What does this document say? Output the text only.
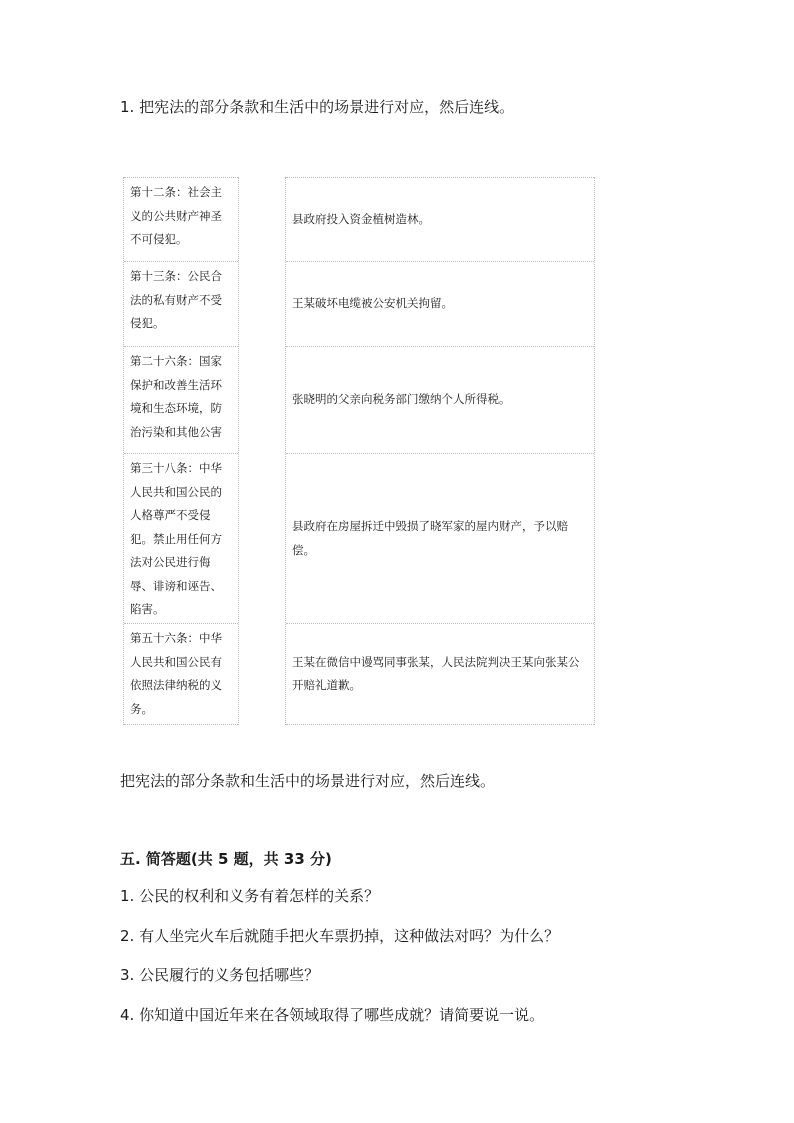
1. 把宪法的部分条款和生活中的场景进行对应，然后连线。
第十二条：社会主义的公共财产神圣不可侵犯。
第十三条：公民合法的私有财产不受侵犯。
第二十六条：国家保护和改善生活环境和生态环境，防治污染和其他公害
第三十八条：中华人民共和国公民的人格尊严不受侵犯。禁止用任何方法对公民进行侮辱、诽谤和诬告、陷害。
第五十六条：中华人民共和国公民有依照法律纳税的义务。
县政府投入资金植树造林。
王某破坏电缆被公安机关拘留。
张晓明的父亲向税务部门缴纳个人所得税。
县政府在房屋拆迁中毁损了晓军家的屋内财产，予以赔偿。
王某在微信中谩骂同事张某，人民法院判决王某向张某公开赔礼道歉。
把宪法的部分条款和生活中的场景进行对应，然后连线。
五. 简答题(共 5 题，共 33 分)
1. 公民的权利和义务有着怎样的关系？
2. 有人坐完火车后就随手把火车票扔掉，这种做法对吗？为什么？
3. 公民履行的义务包括哪些？
4. 你知道中国近年来在各领域取得了哪些成就？请简要说一说。
